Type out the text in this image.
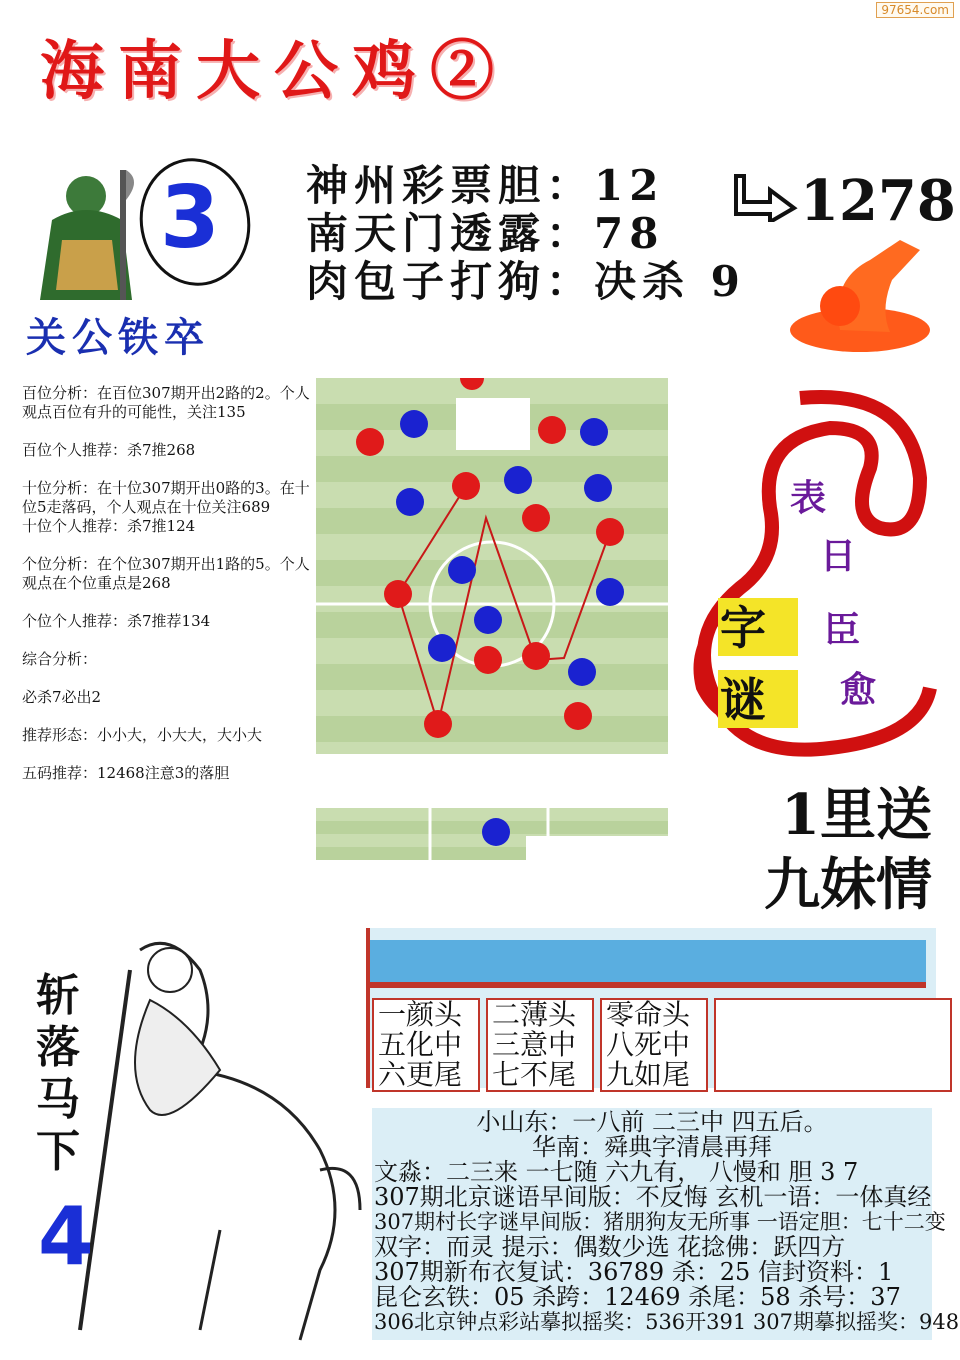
97654.com
海南大公鸡②
3
关公铁卒
神州彩票胆：12
南天门透露：78
肉包子打狗：决杀 9
1278

百位分析：在百位307期开出2路的2。个人观点百位有升的可能性，关注135

百位个人推荐：杀7推268

十位分析：在十位307期开出0路的3。在十位5走落码，个人观点在十位关注689

十位个人推荐：杀7推124

个位分析：在个位307期开出1路的5。个人观点在个位重点是268

个位个人推荐：杀7推荐134

综合分析：

必杀7必出2

推荐形态：小小大，小大大，大小大

五码推荐：12468注意3的落胆

表
日
臣
愈
字
谜
1里送
九妹情
斩落马下
4
一颜头
五化中
六更尾
二薄头
三意中
七不尾
零命头
八死中
九如尾
小山东：一八前 二三中 四五后。
华南：舜典字清晨再拜
文淼：二三来 一七随 六九有， 八慢和 胆 3 7
307期北京谜语早间版：不反悔 玄机一语：一体真经
307期村长字谜早间版：猪朋狗友无所事 一语定胆：七十二变
双字：而灵 提示：偶数少选 花捻佛：跃四方
307期新布衣复试：36789 杀：25 信封资料：1
昆仑玄铁：05 杀跨：12469 杀尾：58 杀号：37
306北京钟点彩站摹拟摇奖：536开391 307期摹拟摇奖：948
